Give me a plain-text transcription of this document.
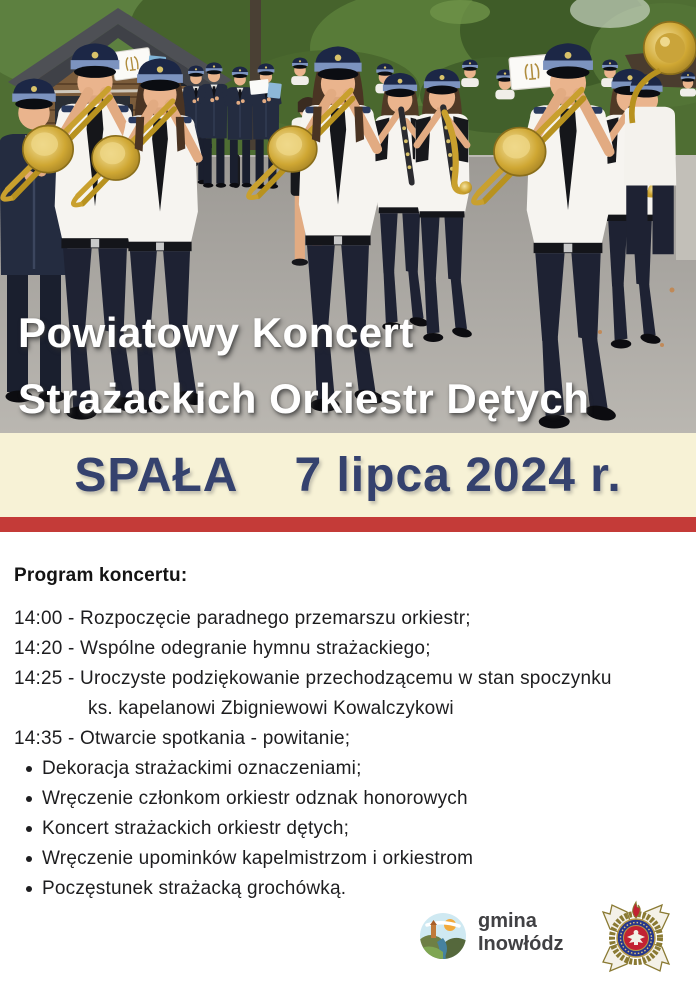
Powiatowy Koncert
Strażackich Orkiestr Dętych
SPAŁA 7 lipca 2024 r.
Program koncertu:
14:00 - Rozpoczęcie paradnego przemarszu orkiestr;
14:20 - Wspólne odegranie hymnu strażackiego;
14:25 - Uroczyste podziękowanie przechodzącemu w stan spoczynku
ks. kapelanowi Zbigniewowi Kowalczykowi
14:35 - Otwarcie spotkania - powitanie;
Dekoracja strażackimi oznaczeniami;
Wręczenie członkom orkiestr odznak honorowych
Koncert strażackich orkiestr dętych;
Wręczenie upominków kapelmistrzom i orkiestrom
Poczęstunek strażacką grochówką.
gmina
Inowłódz
